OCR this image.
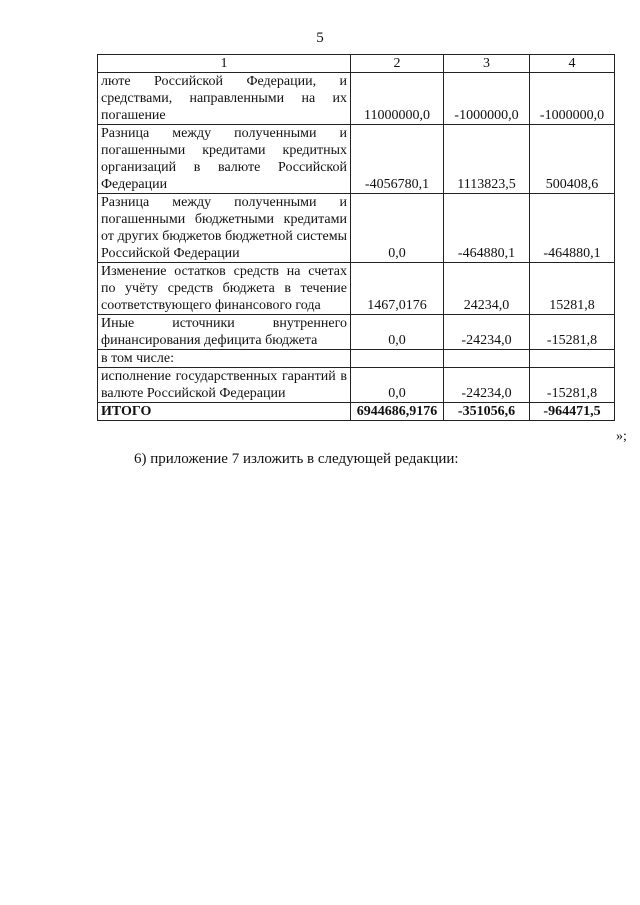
5
1	2	3	4
люте Российской Федерации, и средствами, направленными на их погашение	11000000,0	-1000000,0	-1000000,0
Разница между полученными и погашенными кредитами кредитных организаций в валюте Российской Федерации	-4056780,1	1113823,5	500408,6
Разница между полученными и погашенными бюджетными кредитами от других бюджетов бюджетной системы Российской Федерации	0,0	-464880,1	-464880,1
Изменение остатков средств на счетах по учёту средств бюджета в течение соответствующего финансового года	1467,0176	24234,0	15281,8
Иные источники внутреннего финансирования дефицита бюджета	0,0	-24234,0	-15281,8
в том числе:			
исполнение государственных гарантий в валюте Российской Федерации	0,0	-24234,0	-15281,8
ИТОГО	6944686,9176	-351056,6	-964471,5
»;
6) приложение 7 изложить в следующей редакции:
